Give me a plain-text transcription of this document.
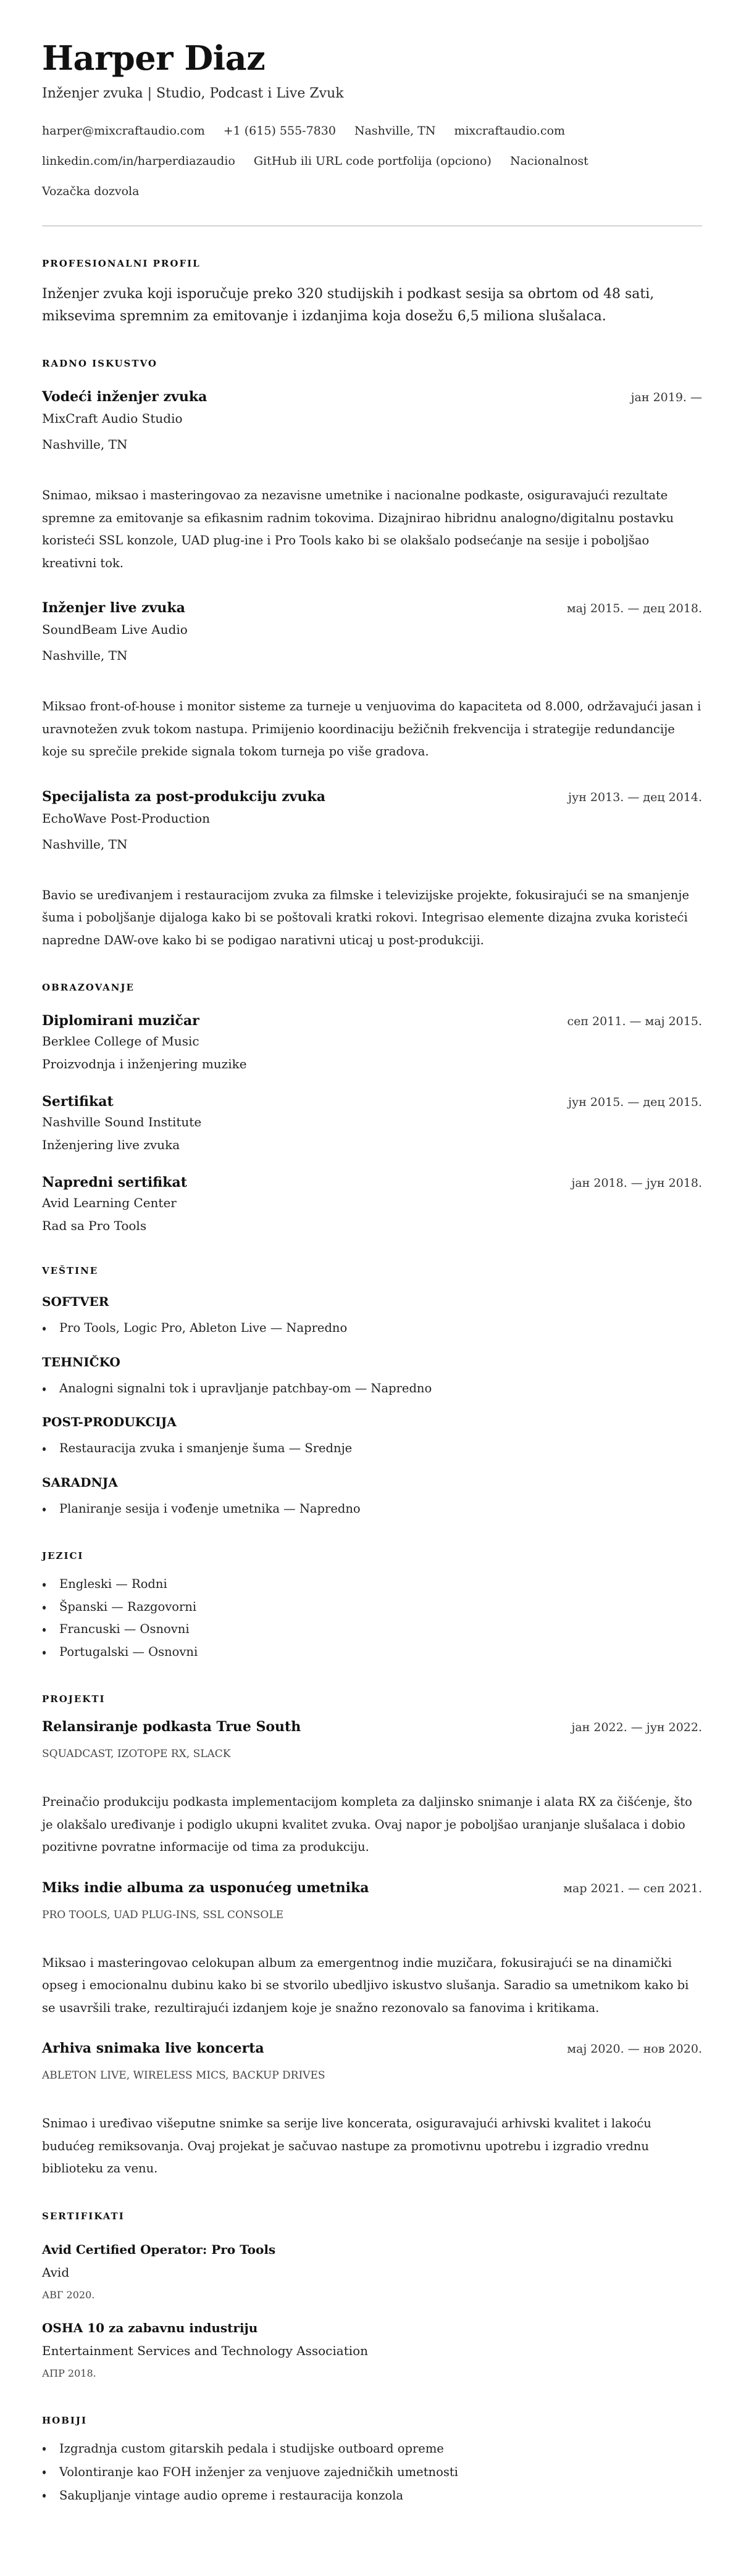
Harper Diaz
Inženjer zvuka | Studio, Podcast i Live Zvuk
harper@mixcraftaudio.com +1 (615) 555-7830 Nashville, TN mixcraftaudio.com
linkedin.com/in/harperdiazaudio GitHub ili URL code portfolija (opciono) Nacionalnost
Vozačka dozvola
PROFESIONALNI PROFIL
Inženjer zvuka koji isporučuje preko 320 studijskih i podkast sesija sa obrtom od 48 sati, miksevima spremnim za emitovanje i izdanjima koja dosežu 6,5 miliona slušalaca.
RADNO ISKUSTVO
Vodeći inženjer zvuka	јан 2019. —
MixCraft Audio Studio
Nashville, TN
Snimao, miksao i masteringovao za nezavisne umetnike i nacionalne podkaste, osiguravajući rezultate spremne za emitovanje sa efikasnim radnim tokovima. Dizajnirao hibridnu analogno/digitalnu postavku koristeći SSL konzole, UAD plug-ine i Pro Tools kako bi se olakšalo podsećanje na sesije i poboljšao kreativni tok.
Inženjer live zvuka	мај 2015. — дец 2018.
SoundBeam Live Audio
Nashville, TN
Miksao front-of-house i monitor sisteme za turneje u venjuovima do kapaciteta od 8.000, održavajući jasan i uravnotežen zvuk tokom nastupa. Primijenio koordinaciju bežičnih frekvencija i strategije redundancije koje su sprečile prekide signala tokom turneja po više gradova.
Specijalista za post-produkciju zvuka	јун 2013. — дец 2014.
EchoWave Post-Production
Nashville, TN
Bavio se uređivanjem i restauracijom zvuka za filmske i televizijske projekte, fokusirajući se na smanjenje šuma i poboljšanje dijaloga kako bi se poštovali kratki rokovi. Integrisao elemente dizajna zvuka koristeći napredne DAW-ove kako bi se podigao narativni uticaj u post-produkciji.
OBRAZOVANJE
Diplomirani muzičar	сеп 2011. — мај 2015.
Berklee College of Music
Proizvodnja i inženjering muzike
Sertifikat	јун 2015. — дец 2015.
Nashville Sound Institute
Inženjering live zvuka
Napredni sertifikat	јан 2018. — јун 2018.
Avid Learning Center
Rad sa Pro Tools
VEŠTINE
SOFTVER
Pro Tools, Logic Pro, Ableton Live — Napredno
TEHNIČKO
Analogni signalni tok i upravljanje patchbay-om — Napredno
POST-PRODUKCIJA
Restauracija zvuka i smanjenje šuma — Srednje
SARADNJA
Planiranje sesija i vođenje umetnika — Napredno
JEZICI
Engleski — Rodni
Španski — Razgovorni
Francuski — Osnovni
Portugalski — Osnovni
PROJEKTI
Relansiranje podkasta True South	јан 2022. — јун 2022.
SQUADCAST, IZOTOPE RX, SLACK
Preinačio produkciju podkasta implementacijom kompleta za daljinsko snimanje i alata RX za čišćenje, što je olakšalo uređivanje i podiglo ukupni kvalitet zvuka. Ovaj napor je poboljšao uranjanje slušalaca i dobio pozitivne povratne informacije od tima za produkciju.
Miks indie albuma za usponućeg umetnika	мар 2021. — сеп 2021.
PRO TOOLS, UAD PLUG-INS, SSL CONSOLE
Miksao i masteringovao celokupan album za emergentnog indie muzičara, fokusirajući se na dinamički opseg i emocionalnu dubinu kako bi se stvorilo ubedljivo iskustvo slušanja. Saradio sa umetnikom kako bi se usavršili trake, rezultirajući izdanjem koje je snažno rezonovalo sa fanovima i kritikama.
Arhiva snimaka live koncerta	мај 2020. — нов 2020.
ABLETON LIVE, WIRELESS MICS, BACKUP DRIVES
Snimao i uređivao višeputne snimke sa serije live koncerata, osiguravajući arhivski kvalitet i lakoću budućeg remiksovanja. Ovaj projekat je sačuvao nastupe za promotivnu upotrebu i izgradio vrednu biblioteku za venu.
SERTIFIKATI
Avid Certified Operator: Pro Tools
Avid
АВГ 2020.
OSHA 10 za zabavnu industriju
Entertainment Services and Technology Association
АПР 2018.
HOBIJI
Izgradnja custom gitarskih pedala i studijske outboard opreme
Volontiranje kao FOH inženjer za venjuove zajedničkih umetnosti
Sakupljanje vintage audio opreme i restauracija konzola
